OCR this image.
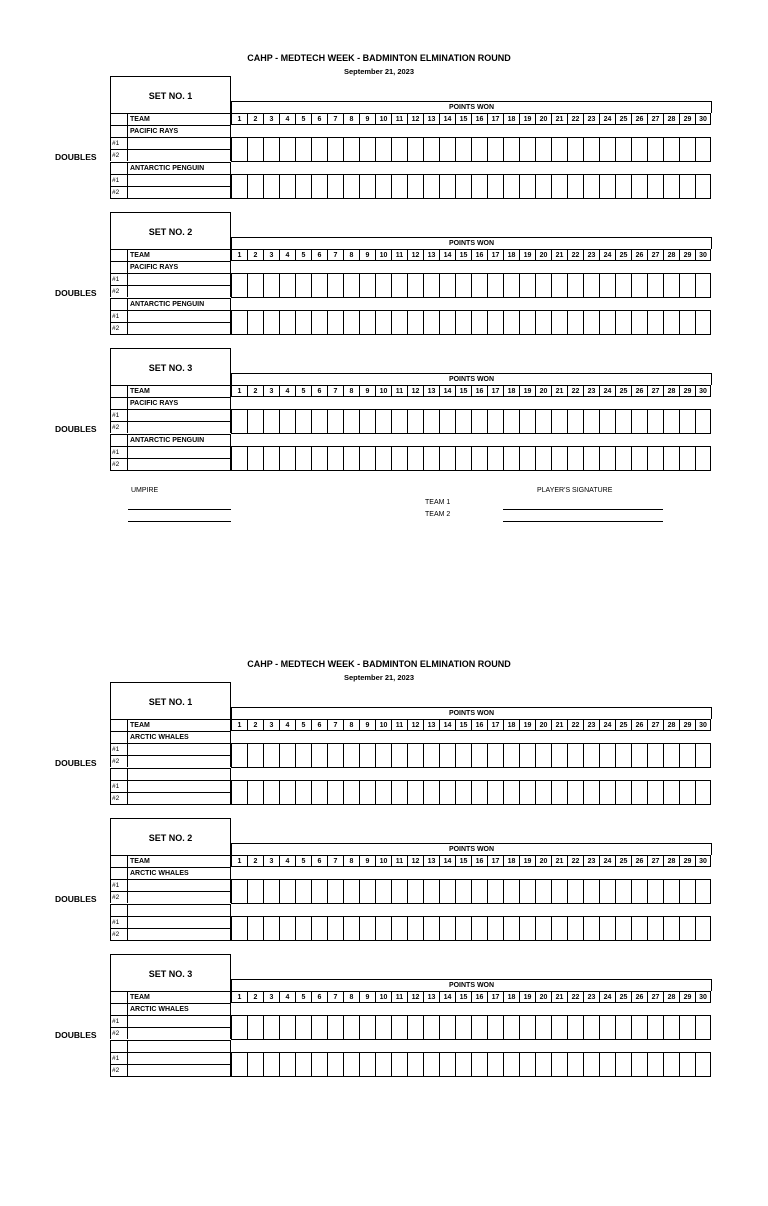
CAHP - MEDTECH WEEK - BADMINTON ELMINATION ROUND
September 21, 2023
SET NO. 1
POINTS WON
1	2	3	4	5	6	7	8	9	10	11	12	13	14	15	16	17	18	19	20	21	22	23	24	25	26	27	28	29	30
TEAM
PACIFIC RAYS
#1
#2
ANTARCTIC PENGUIN
#1
#2
DOUBLES
SET NO. 2
POINTS WON
1	2	3	4	5	6	7	8	9	10	11	12	13	14	15	16	17	18	19	20	21	22	23	24	25	26	27	28	29	30
TEAM
PACIFIC RAYS
#1
#2
ANTARCTIC PENGUIN
#1
#2
DOUBLES
SET NO. 3
POINTS WON
1	2	3	4	5	6	7	8	9	10	11	12	13	14	15	16	17	18	19	20	21	22	23	24	25	26	27	28	29	30
TEAM
PACIFIC RAYS
#1
#2
ANTARCTIC PENGUIN
#1
#2
DOUBLES
UMPIRE	PLAYER'S SIGNATURE
TEAM 1
TEAM 2
CAHP - MEDTECH WEEK - BADMINTON ELMINATION ROUND
September 21, 2023
SET NO. 1
POINTS WON
1	2	3	4	5	6	7	8	9	10	11	12	13	14	15	16	17	18	19	20	21	22	23	24	25	26	27	28	29	30
TEAM
ARCTIC WHALES
#1
#2
#1
#2
DOUBLES
SET NO. 2
POINTS WON
1	2	3	4	5	6	7	8	9	10	11	12	13	14	15	16	17	18	19	20	21	22	23	24	25	26	27	28	29	30
TEAM
ARCTIC WHALES
#1
#2
#1
#2
DOUBLES
SET NO. 3
POINTS WON
1	2	3	4	5	6	7	8	9	10	11	12	13	14	15	16	17	18	19	20	21	22	23	24	25	26	27	28	29	30
TEAM
ARCTIC WHALES
#1
#2
#1
#2
DOUBLES
